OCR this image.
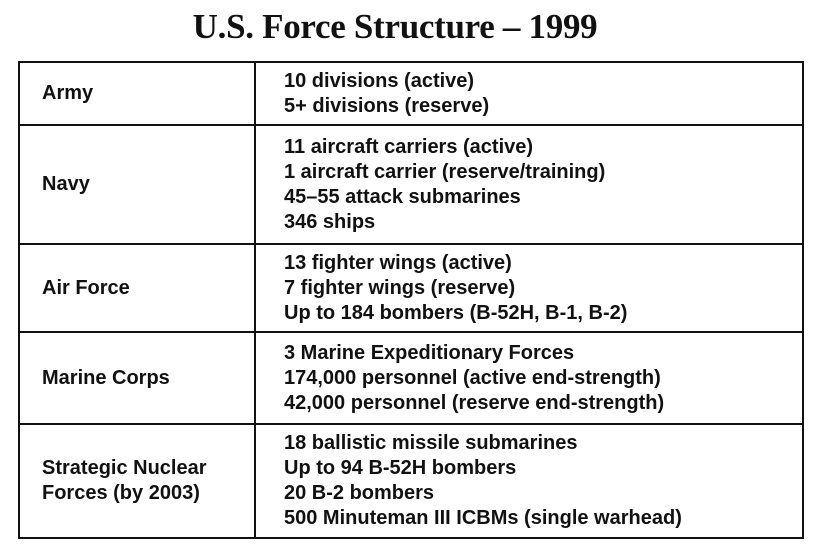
U.S. Force Structure – 1999
Army
10 divisions (active)
5+ divisions (reserve)
Navy
11 aircraft carriers (active)
1 aircraft carrier (reserve/training)
45–55 attack submarines
346 ships
Air Force
13 fighter wings (active)
7 fighter wings (reserve)
Up to 184 bombers (B-52H, B-1, B-2)
Marine Corps
3 Marine Expeditionary Forces
174,000 personnel (active end-strength)
42,000 personnel (reserve end-strength)
Strategic Nuclear Forces (by 2003)
18 ballistic missile submarines
Up to 94 B-52H bombers
20 B-2 bombers
500 Minuteman III ICBMs (single warhead)
